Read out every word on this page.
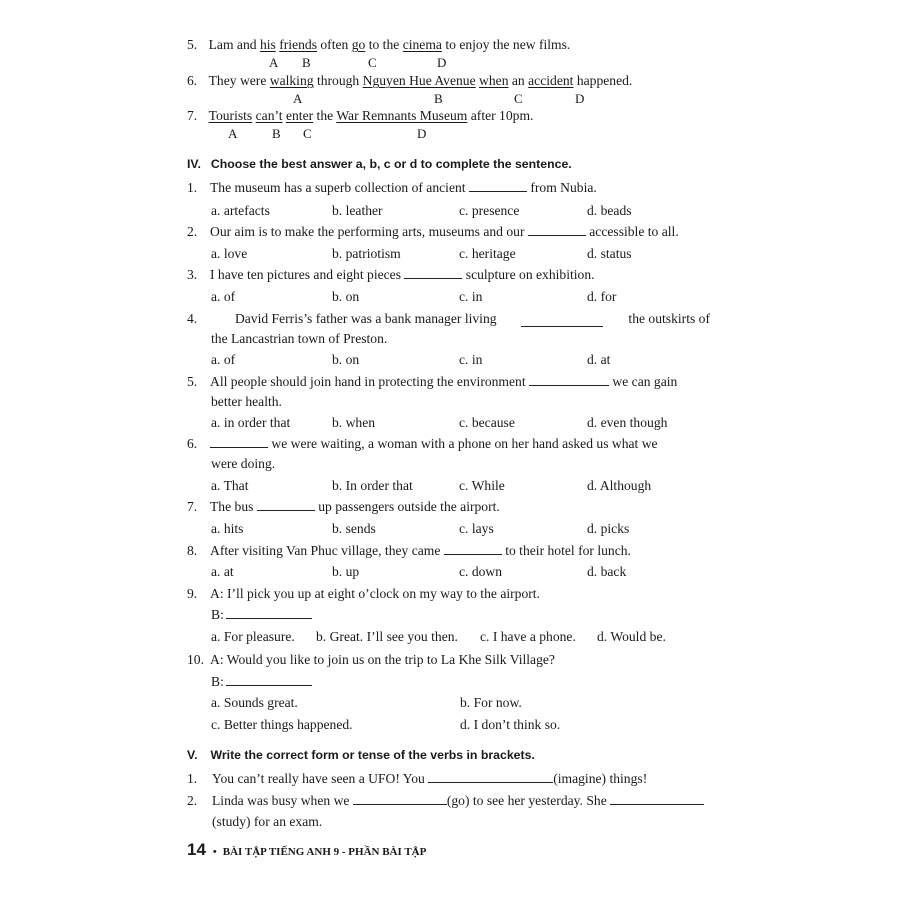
5. Lam and his friends often go to the cinema to enjoy the new films.
A B	C	D
6. They were walking through Nguyen Hue Avenue when an accident happened.
A	B	C	D
7. Tourists can’t enter the War Remnants Museum after 10pm.
A	B C	D
IV. Choose the best answer a, b, c or d to complete the sentence.
1. The museum has a superb collection of ancient	from Nubia.
a. artefacts	b. leather	c. presence	d. beads
2. Our aim is to make the performing arts, museums and our	accessible to all.
a. love	b. patriotism	c. heritage	d. status
3. I have ten pictures and eight pieces	sculpture on exhibition.
a. of	b. on	c. in	d. for
4.	David Ferris’s father was a bank manager living	the outskirts of
the Lancastrian town of Preston.
a. of	b. on	c. in	d. at
5. All people should join hand in protecting the environment	we can gain
better health.
a. in order that	b. when	c. because	d. even though
6.	we were waiting, a woman with a phone on her hand asked us what we
were doing.
a. That	b. In order that	c. While	d. Although
7. The bus	up passengers outside the airport.
a. hits	b. sends	c. lays	d. picks
8. After visiting Van Phuc village, they came	to their hotel for lunch.
a. at	b. up	c. down	d. back
9. A: I’ll pick you up at eight o’clock on my way to the airport.
B:
a. For pleasure. b. Great. I’ll see you then. c. I have a phone. d. Would be.
10. A: Would you like to join us on the trip to La Khe Silk Village?
B:
a. Sounds great.	b. For now.
c. Better things happened.	d. I don’t think so.
V. Write the correct form or tense of the verbs in brackets.
1. You can’t really have seen a UFO! You	(imagine) things!
2. Linda was busy when we	(go) to see her yesterday. She
(study) for an exam.
14 • BÀI TẬP TIẾNG ANH 9 - PHẦN BÀI TẬP
